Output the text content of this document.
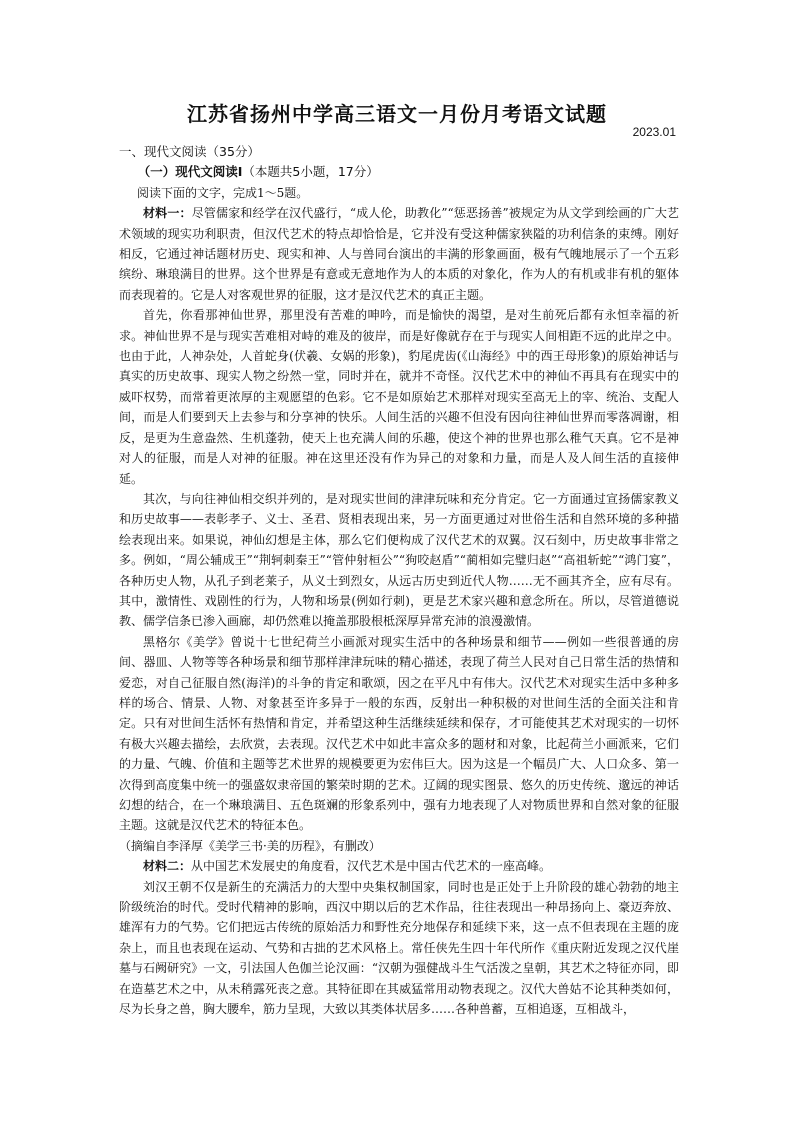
江苏省扬州中学高三语文一月份月考语文试题
2023.01

一、现代文阅读（35分）

（一）现代文阅读Ⅰ（本题共5小题，17分）

阅读下面的文字，完成1～5题。

材料一：尽管儒家和经学在汉代盛行，“成人伦，助教化”“惩恶扬善”被规定为从文学到绘画的广大艺术领域的现实功利职责，但汉代艺术的特点却恰恰是，它并没有受这种儒家狭隘的功利信条的束缚。刚好相反，它通过神话题材历史、现实和神、人与兽同台演出的丰满的形象画面，极有气魄地展示了一个五彩缤纷、琳琅满目的世界。这个世界是有意或无意地作为人的本质的对象化，作为人的有机或非有机的躯体而表现着的。它是人对客观世界的征服，这才是汉代艺术的真正主题。

首先，你看那神仙世界，那里没有苦难的呻吟，而是愉快的渴望，是对生前死后都有永恒幸福的祈求。神仙世界不是与现实苦难相对峙的难及的彼岸，而是好像就存在于与现实人间相距不远的此岸之中。也由于此，人神杂处，人首蛇身(伏羲、女娲的形象)，豹尾虎齿(《山海经》中的西王母形象)的原始神话与真实的历史故事、现实人物之纷然一堂，同时并在，就并不奇怪。汉代艺术中的神仙不再具有在现实中的威吓权势，而常着更浓厚的主观愿望的色彩。它不是如原始艺术那样对现实至高无上的宰、统治、支配人间，而是人们要到天上去参与和分享神的快乐。人间生活的兴趣不但没有因向往神仙世界而零落凋谢，相反，是更为生意盎然、生机蓬勃，使天上也充满人间的乐趣，使这个神的世界也那么稚气天真。它不是神对人的征服，而是人对神的征服。神在这里还没有作为异己的对象和力量，而是人及人间生活的直接伸延。

其次，与向往神仙相交织并列的，是对现实世间的津津玩味和充分肯定。它一方面通过宣扬儒家教义和历史故事——表彰孝子、义士、圣君、贤相表现出来，另一方面更通过对世俗生活和自然环境的多种描绘表现出来。如果说，神仙幻想是主体，那么它们便构成了汉代艺术的双翼。汉石刻中，历史故事非常之多。例如，“周公辅成王”“荆轲刺秦王”“管仲射桓公”“狗咬赵盾”“蔺相如完璧归赵”“高祖斩蛇”“鸿门宴”，各种历史人物，从孔子到老莱子，从义士到烈女，从远古历史到近代人物……无不画其齐全，应有尽有。其中，激情性、戏剧性的行为，人物和场景(例如行刺)，更是艺术家兴趣和意念所在。所以，尽管道德说教、儒学信条已渗入画廊，却仍然难以掩盖那股根柢深厚异常充沛的浪漫激情。

黑格尔《美学》曾说十七世纪荷兰小画派对现实生活中的各种场景和细节——例如一些很普通的房间、器皿、人物等等各种场景和细节那样津津玩味的精心描述，表现了荷兰人民对自己日常生活的热情和爱恋，对自己征服自然(海洋)的斗争的肯定和歌颂，因之在平凡中有伟大。汉代艺术对现实生活中多种多样的场合、情景、人物、对象甚至许多异于一般的东西，反射出一种积极的对世间生活的全面关注和肯定。只有对世间生活怀有热情和肯定，并希望这种生活继续延续和保存，才可能使其艺术对现实的一切怀有极大兴趣去描绘，去欣赏，去表现。汉代艺术中如此丰富众多的题材和对象，比起荷兰小画派来，它们的力量、气魄、价值和主题等艺术世界的规模要更为宏伟巨大。因为这是一个幅员广大、人口众多、第一次得到高度集中统一的强盛奴隶帝国的繁荣时期的艺术。辽阔的现实图景、悠久的历史传统、邈远的神话幻想的结合，在一个琳琅满目、五色斑斓的形象系列中，强有力地表现了人对物质世界和自然对象的征服主题。这就是汉代艺术的特征本色。

（摘编自李泽厚《美学三书·美的历程》，有删改）

材料二：从中国艺术发展史的角度看，汉代艺术是中国古代艺术的一座高峰。

刘汉王朝不仅是新生的充满活力的大型中央集权制国家，同时也是正处于上升阶段的雄心勃勃的地主阶级统治的时代。受时代精神的影响，西汉中期以后的艺术作品，往往表现出一种昂扬向上、豪迈奔放、雄浑有力的气势。它们把远古传统的原始活力和野性充分地保存和延续下来，这一点不但表现在主题的庞杂上，而且也表现在运动、气势和古拙的艺术风格上。常任侠先生四十年代所作《重庆附近发现之汉代崖墓与石阙研究》一文，引法国人色伽兰论汉画：“汉朝为强健战斗生气活泼之皇朝，其艺术之特征亦同，即在造墓艺术之中，从未稍露死丧之意。其特征即在其威猛常用动物表现之。汉代大兽姑不论其种类如何，尽为长身之兽，胸大腰牟，筋力呈现，大致以其类体状居多……各种兽蓄，互相追逐，互相战斗，
